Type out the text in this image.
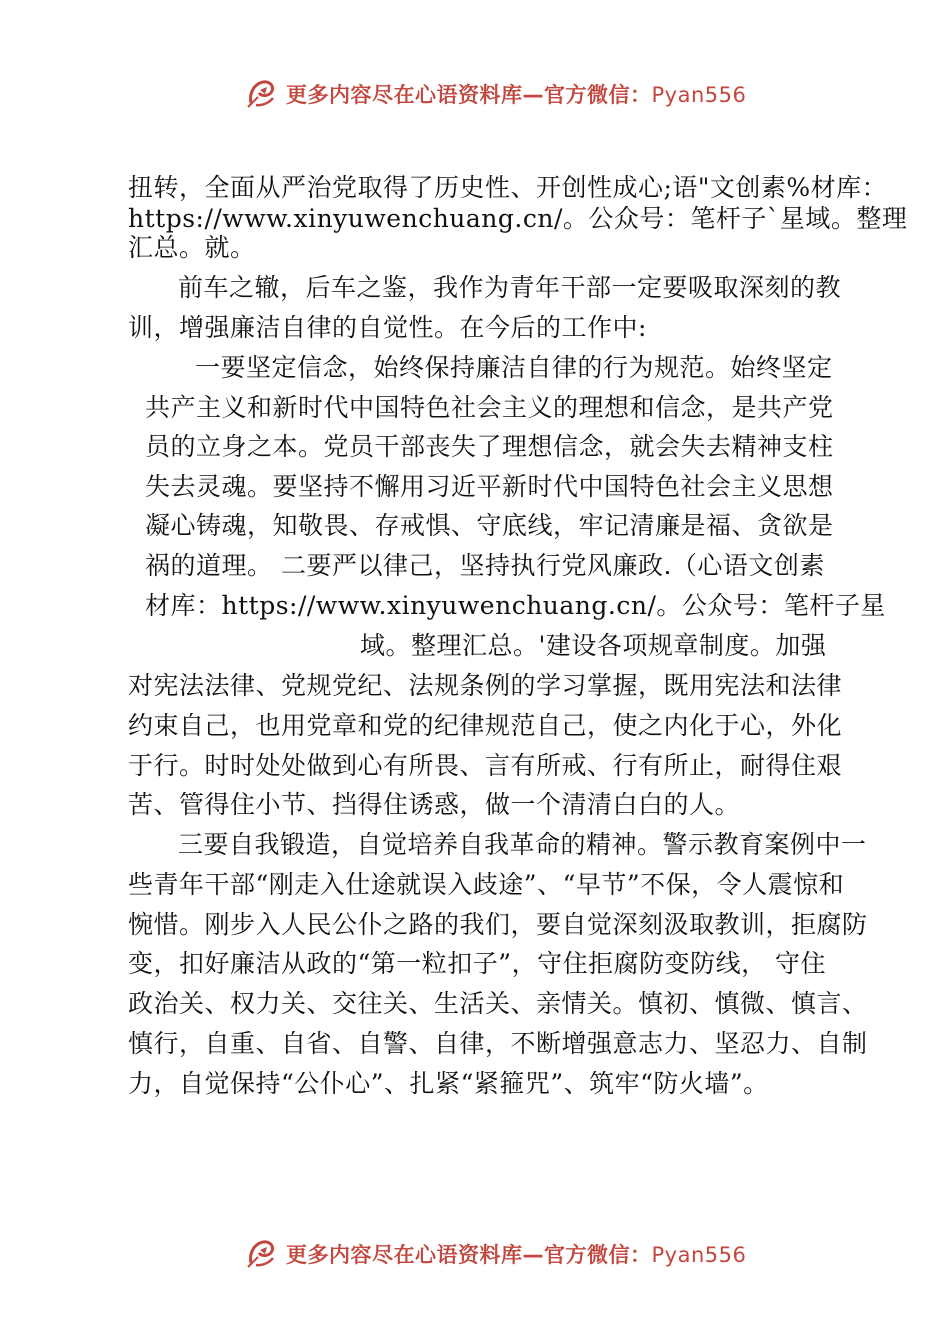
更多内容尽在心语资料库—官方微信：Pyan556
更多内容尽在心语资料库—官方微信：Pyan556
扭转，全面从严治党取得了历史性、开创性成心;语"文创素%材库：
https://www.xinyuwenchuang.cn/。公众号：笔杆子`星域。整理
汇总。就。
前车之辙，后车之鉴，我作为青年干部一定要吸取深刻的教
训，增强廉洁自律的自觉性。在今后的工作中:
一要坚定信念，始终保持廉洁自律的行为规范。始终坚定
共产主义和新时代中国特色社会主义的理想和信念，是共产党
员的立身之本。党员干部丧失了理想信念，就会失去精神支柱
失去灵魂。要坚持不懈用习近平新时代中国特色社会主义思想
凝心铸魂，知敬畏、存戒惧、守底线，牢记清廉是福、贪欲是
祸的道理。 二要严以律己，坚持执行党风廉政.（心语文创素
材库：https://www.xinyuwenchuang.cn/。公众号：笔杆子星
域。整理汇总。'建设各项规章制度。加强
对宪法法律、党规党纪、法规条例的学习掌握，既用宪法和法律
约束自己，也用党章和党的纪律规范自己，使之内化于心，外化
于行。时时处处做到心有所畏、言有所戒、行有所止，耐得住艰
苦、管得住小节、挡得住诱惑，做一个清清白白的人。
三要自我锻造，自觉培养自我革命的精神。警示教育案例中一
些青年干部“刚走入仕途就误入歧途”、“早节”不保，令人震惊和
惋惜。刚步入人民公仆之路的我们，要自觉深刻汲取教训，拒腐防
变，扣好廉洁从政的“第一粒扣子”，守住拒腐防变防线， 守住
政治关、权力关、交往关、生活关、亲情关。慎初、慎微、慎言、
慎行，自重、自省、自警、自律，不断增强意志力、坚忍力、自制
力，自觉保持“公仆心”、扎紧“紧箍咒”、筑牢“防火墙”。
